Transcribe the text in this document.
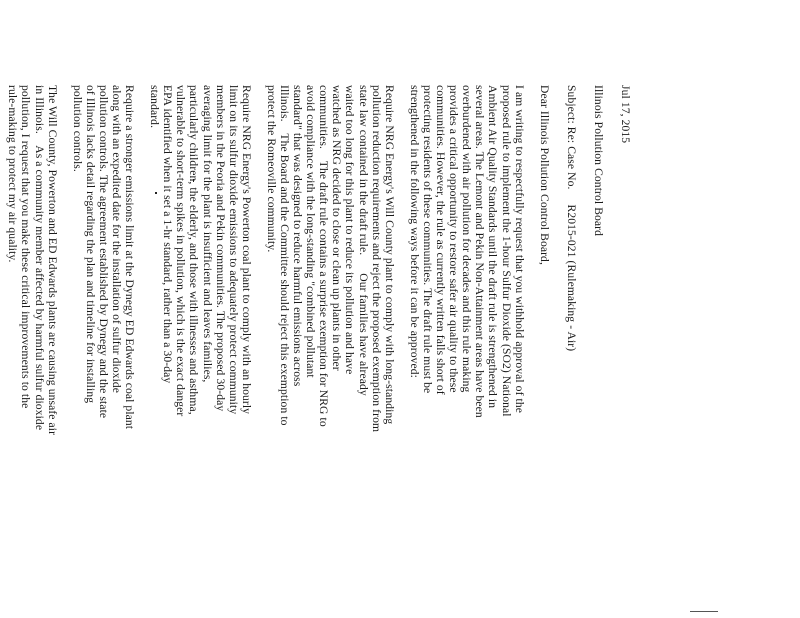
Jul 17, 2015
Illinois Pollution Control Board
Subject: Re: Case No.     R2015-021 (Rulemaking - Air)
Dear Illinois Pollution Control Board,
I am writing to respectfully request that you withhold approval of the
proposed rule to implement the 1-hour Sulfur Dioxide (SO2) National
Ambient Air Quality Standards until the draft rule is strengthened in
several areas. The Lemont and Pekin Non-Attainment areas have been
overburdened with air pollution for decades and this rule making
provides a critical opportunity to restore safer air quality to these
communities. However, the rule as currently written falls short of
protecting residents of these communities. The draft rule must be
strengthened in the following ways before it can be approved:
Require NRG Energy's Will County plant to comply with long-standing
pollution reduction requirements and reject the proposed exemption from
state law contained in the draft rule.      Our families have already
waited too long for this plant to reduce its pollution and have
watched as NRG decided to close or clean up plants in other
communities.    The draft rule contains a surprise exemption for NRG to
avoid compliance with the long-standing "combined pollutant
standard" that was designed to reduce harmful emissions across
Illinois.    The Board and the Committee should reject this exemption to
protect the Romeoville community.
Require NRG Energy's Powerton coal plant to comply with an hourly
limit on its sulfur dioxide emissions to adequately protect community
members in the Peoria and Pekin communities. The proposed 30-day
averaging limit for the plant is insufficient and leaves families,
particularly children, the elderly, and those with illnesses and asthma,
vulnerable to short-term spikes in pollution, which is the exact danger
EPA identified when it set a 1-hr standard, rather than a 30-day
standard.
Require a stronger emissions limit at the Dynegy ED Edwards coal plant
along with an expedited date for the installation of sulfur dioxide
pollution controls. The agreement established by Dynegy and the state
of Illinois lacks detail regarding the plan and timeline for installing
pollution controls.
The Will County, Powerton and ED Edwards plants are causing unsafe air
in Illinois.    As a community member affected by harmful sulfur dioxide
pollution, I request that you make these critical improvements to the
rule-making to protect my air quality.
